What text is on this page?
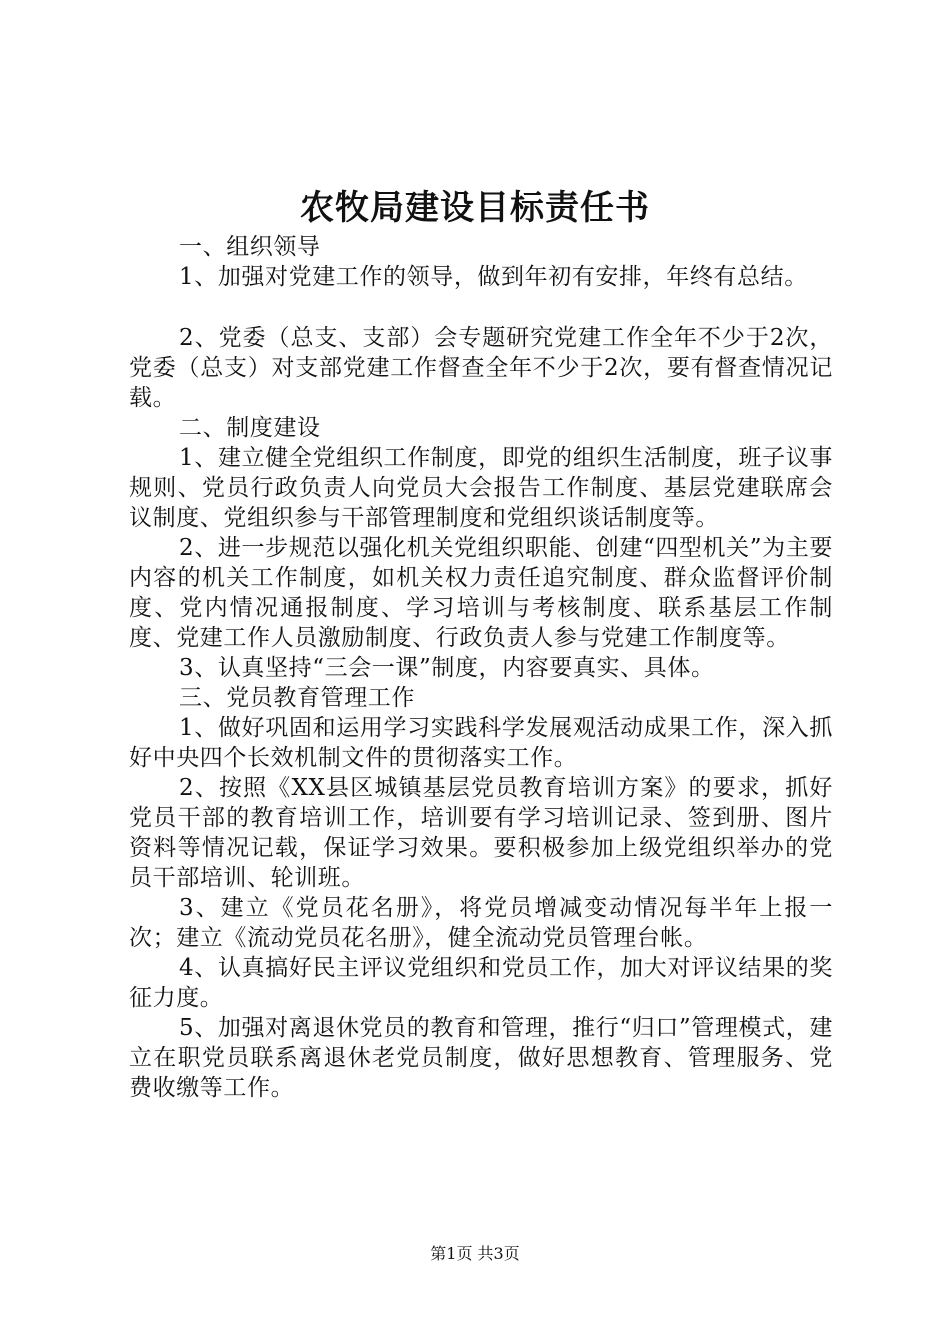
农牧局建设目标责任书

一、组织领导

1、加强对党建工作的领导，做到年初有安排，年终有总结。

2、党委（总支、支部）会专题研究党建工作全年不少于2次，党委（总支）对支部党建工作督查全年不少于2次，要有督查情况记载。

二、制度建设

1、建立健全党组织工作制度，即党的组织生活制度，班子议事规则、党员行政负责人向党员大会报告工作制度、基层党建联席会议制度、党组织参与干部管理制度和党组织谈话制度等。

2、进一步规范以强化机关党组织职能、创建“四型机关”为主要内容的机关工作制度，如机关权力责任追究制度、群众监督评价制度、党内情况通报制度、学习培训与考核制度、联系基层工作制度、党建工作人员激励制度、行政负责人参与党建工作制度等。

3、认真坚持“三会一课”制度，内容要真实、具体。

三、党员教育管理工作

1、做好巩固和运用学习实践科学发展观活动成果工作，深入抓好中央四个长效机制文件的贯彻落实工作。

2、按照《XX县区城镇基层党员教育培训方案》的要求，抓好党员干部的教育培训工作，培训要有学习培训记录、签到册、图片资料等情况记载，保证学习效果。要积极参加上级党组织举办的党员干部培训、轮训班。

3、建立《党员花名册》，将党员增减变动情况每半年上报一次；建立《流动党员花名册》，健全流动党员管理台帐。

4、认真搞好民主评议党组织和党员工作，加大对评议结果的奖征力度。

5、加强对离退休党员的教育和管理，推行“归口”管理模式，建立在职党员联系离退休老党员制度，做好思想教育、管理服务、党费收缴等工作。

第1页 共3页
